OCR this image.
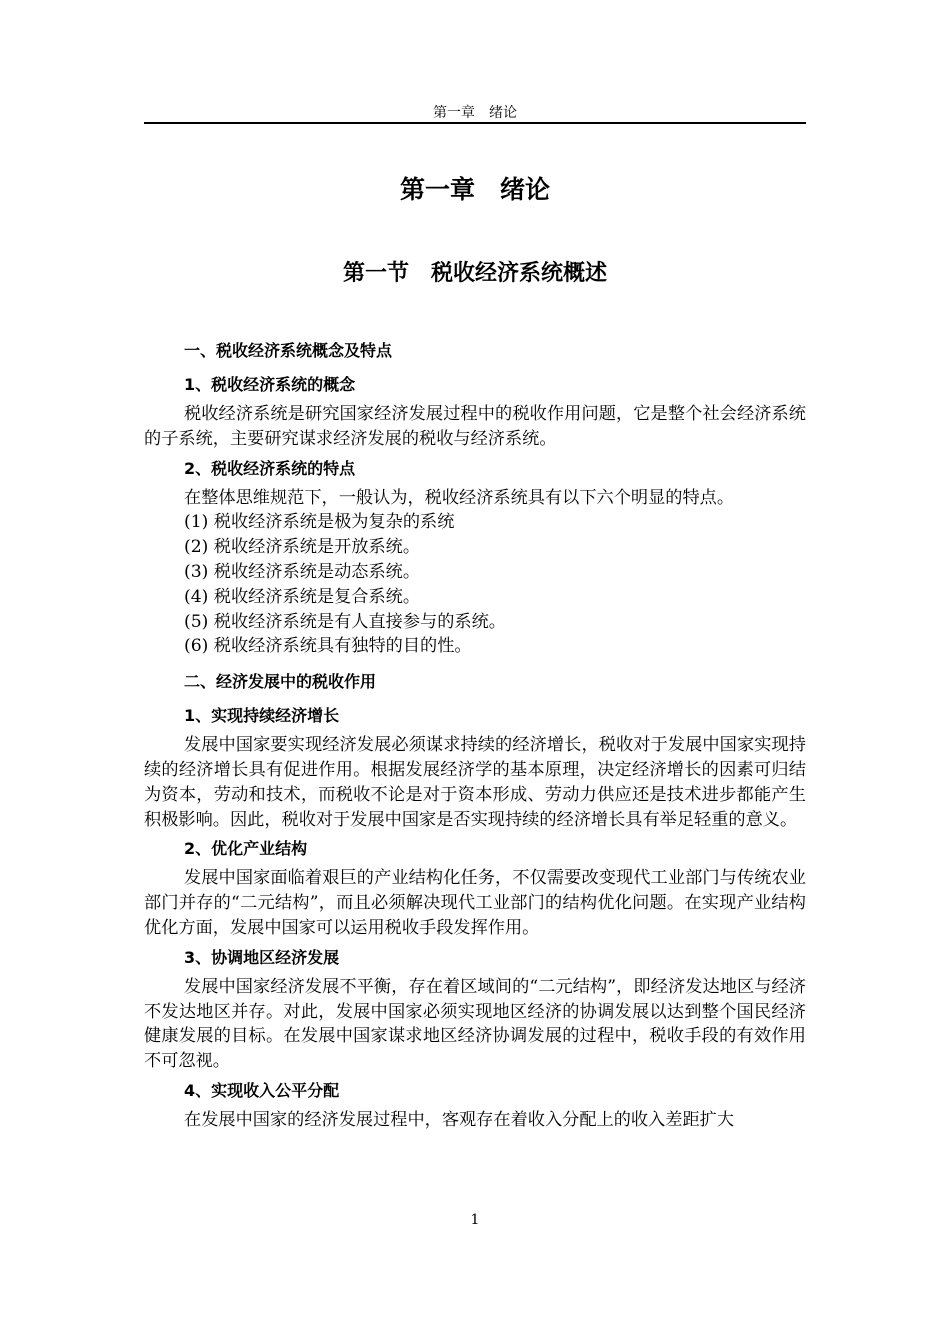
第一章　绪论
第一章　绪论
第一节　税收经济系统概述
一、税收经济系统概念及特点
1、税收经济系统的概念

税收经济系统是研究国家经济发展过程中的税收作用问题，它是整个社会经济系统的子系统，主要研究谋求经济发展的税收与经济系统。

2、税收经济系统的特点
在整体思维规范下，一般认为，税收经济系统具有以下六个明显的特点。
(1) 税收经济系统是极为复杂的系统
(2) 税收经济系统是开放系统。
(3) 税收经济系统是动态系统。
(4) 税收经济系统是复合系统。
(5) 税收经济系统是有人直接参与的系统。
(6) 税收经济系统具有独特的目的性。
二、经济发展中的税收作用
1、实现持续经济增长

发展中国家要实现经济发展必须谋求持续的经济增长，税收对于发展中国家实现持续的经济增长具有促进作用。根据发展经济学的基本原理，决定经济增长的因素可归结为资本，劳动和技术，而税收不论是对于资本形成、劳动力供应还是技术进步都能产生积极影响。因此，税收对于发展中国家是否实现持续的经济增长具有举足轻重的意义。

2、优化产业结构

发展中国家面临着艰巨的产业结构化任务，不仅需要改变现代工业部门与传统农业部门并存的“二元结构”，而且必须解决现代工业部门的结构优化问题。在实现产业结构优化方面，发展中国家可以运用税收手段发挥作用。

3、协调地区经济发展

发展中国家经济发展不平衡，存在着区域间的“二元结构”，即经济发达地区与经济不发达地区并存。对此，发展中国家必须实现地区经济的协调发展以达到整个国民经济健康发展的目标。在发展中国家谋求地区经济协调发展的过程中，税收手段的有效作用不可忽视。

4、实现收入公平分配

在发展中国家的经济发展过程中，客观存在着收入分配上的收入差距扩大

1
